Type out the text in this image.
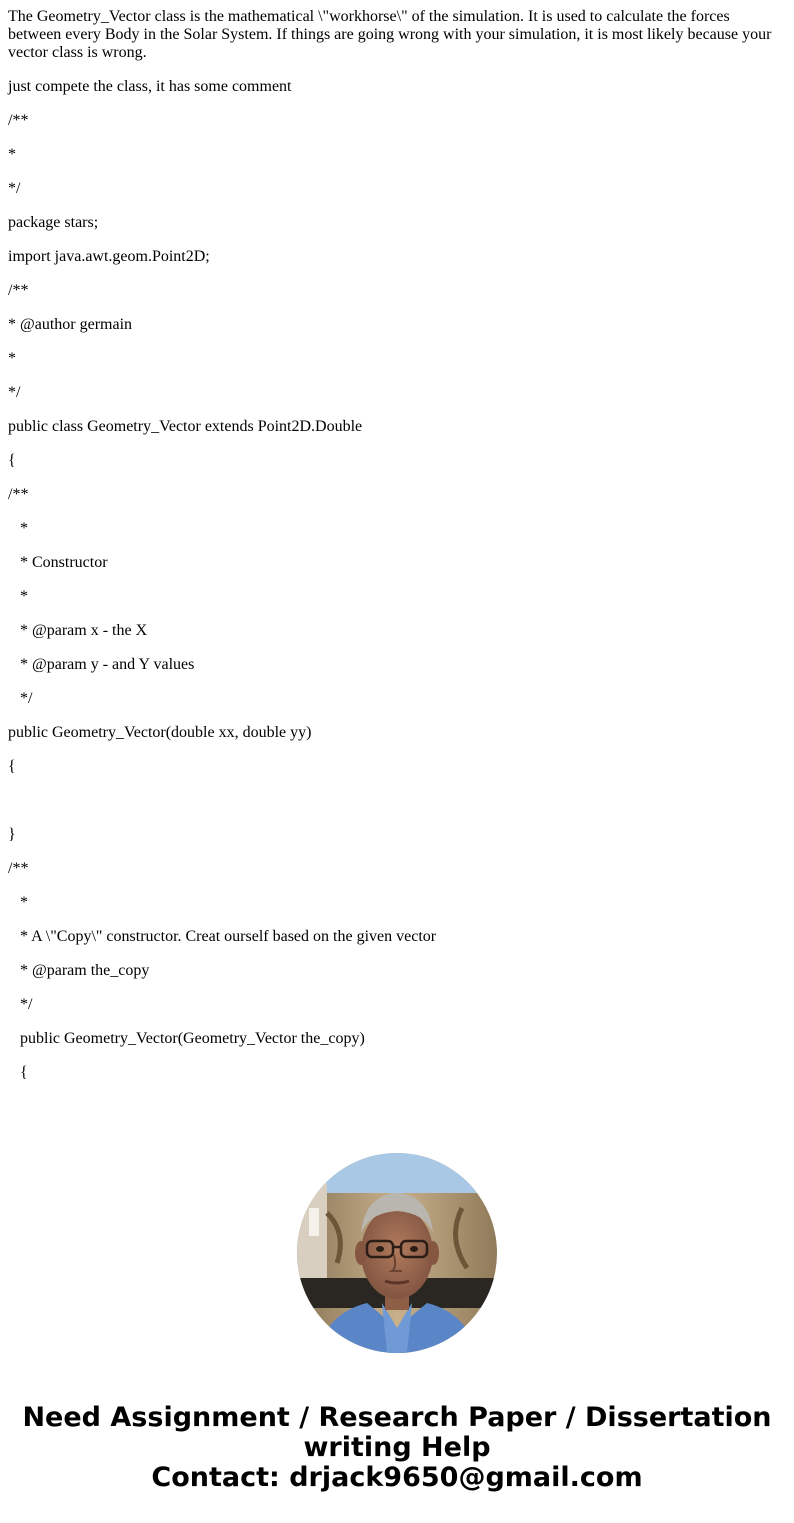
The Geometry_Vector class is the mathematical \"workhorse\" of the simulation. It is used to calculate the forces between every Body in the Solar System. If things are going wrong with your simulation, it is most likely because your vector class is wrong.

just compete the class, it has some comment

/**

*

*/

package stars;

import java.awt.geom.Point2D;

/**

* @author germain

*

*/

public class Geometry_Vector extends Point2D.Double

{

/**

*

* Constructor

*

* @param x - the X

* @param y - and Y values

*/

public Geometry_Vector(double xx, double yy)

{

}

/**

*

* A \"Copy\" constructor. Creat ourself based on the given vector

* @param the_copy

*/

public Geometry_Vector(Geometry_Vector the_copy)

{

Need Assignment / Research Paper / Dissertation
writing Help
Contact: drjack9650@gmail.com
